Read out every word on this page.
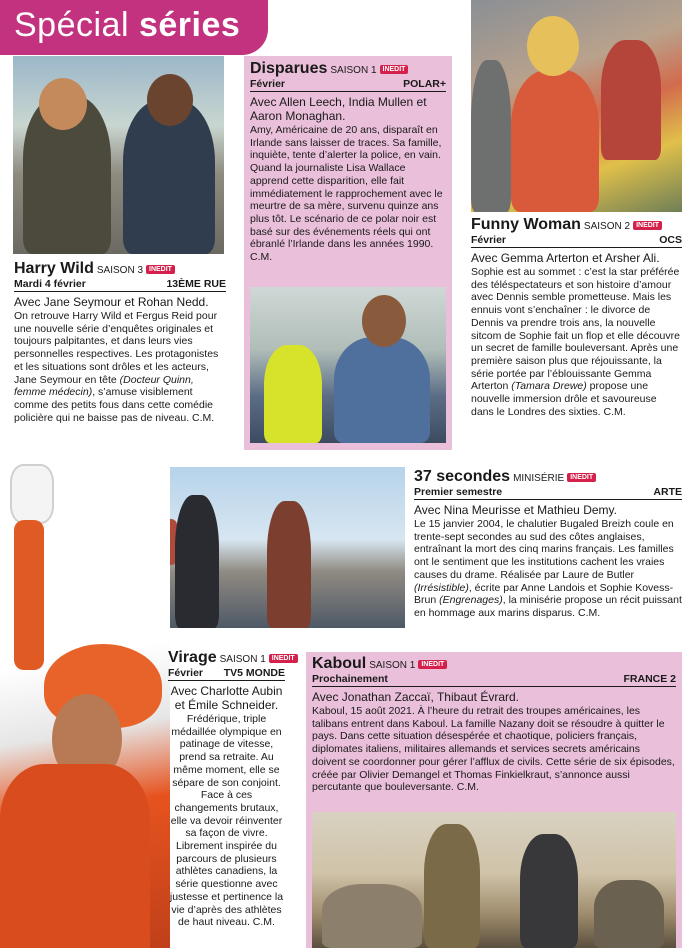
Spécial séries
Harry Wild SAISON 3 INEDIT
Mardi 4 février	13ÈME RUE
Avec Jane Seymour et Rohan Nedd.
On retrouve Harry Wild et Fergus Reid pour une nouvelle série d’enquêtes originales et toujours palpitantes, et dans leurs vies personnelles respectives. Les protagonistes et les situations sont drôles et les acteurs, Jane Seymour en tête (Docteur Quinn, femme médecin), s’amuse visiblement comme des petits fous dans cette comédie policière qui ne baisse pas de niveau. C.M.
Disparues SAISON 1 INEDIT
Février	POLAR+
Avec Allen Leech, India Mullen et Aaron Monaghan.
Amy, Américaine de 20 ans, disparaît en Irlande sans laisser de traces. Sa famille, inquiète, tente d’alerter la police, en vain. Quand la journaliste Lisa Wallace apprend cette disparition, elle fait immédiatement le rapprochement avec le meurtre de sa mère, survenu quinze ans plus tôt. Le scénario de ce polar noir est basé sur des événements réels qui ont ébranlé l’Irlande dans les années 1990. C.M.
Funny Woman SAISON 2 INEDIT
Février	OCS
Avec Gemma Arterton et Arsher Ali.
Sophie est au sommet : c’est la star préférée des téléspectateurs et son histoire d’amour avec Dennis semble prometteuse. Mais les ennuis vont s’enchaîner : le divorce de Dennis va prendre trois ans, la nouvelle sitcom de Sophie fait un flop et elle découvre un secret de famille bouleversant. Après une première saison plus que réjouissante, la série portée par l’éblouissante Gemma Arterton (Tamara Drewe) propose une nouvelle immersion drôle et savoureuse dans le Londres des sixties. C.M.
37 secondes MINISÉRIE INEDIT
Premier semestre	ARTE
Avec Nina Meurisse et Mathieu Demy.
Le 15 janvier 2004, le chalutier Bugaled Breizh coule en trente-sept secondes au sud des côtes anglaises, entraînant la mort des cinq marins français. Les familles ont le sentiment que les institutions cachent les vraies causes du drame. Réalisée par Laure de Butler (Irrésistible), écrite par Anne Landois et Sophie Kovess-Brun (Engrenages), la minisérie propose un récit puissant en hommage aux marins disparus. C.M.
Virage SAISON 1 INEDIT
Février TV5 MONDE
Avec Charlotte Aubin et Émile Schneider.
Frédérique, triple médaillée olympique en patinage de vitesse, prend sa retraite. Au même moment, elle se sépare de son conjoint. Face à ces changements brutaux, elle va devoir réinventer sa façon de vivre. Librement inspirée du parcours de plusieurs athlètes canadiens, la série questionne avec justesse et pertinence la vie d’après des athlètes de haut niveau. C.M.
Kaboul SAISON 1 INEDIT
Prochainement	FRANCE 2
Avec Jonathan Zaccaï, Thibaut Évrard.
Kaboul, 15 août 2021. À l’heure du retrait des troupes américaines, les talibans entrent dans Kaboul. La famille Nazany doit se résoudre à quitter le pays. Dans cette situation désespérée et chaotique, policiers français, diplomates italiens, militaires allemands et services secrets américains doivent se coordonner pour gérer l’afflux de civils. Cette série de six épisodes, créée par Olivier Demangel et Thomas Finkielkraut, s’annonce aussi percutante que bouleversante. C.M.
